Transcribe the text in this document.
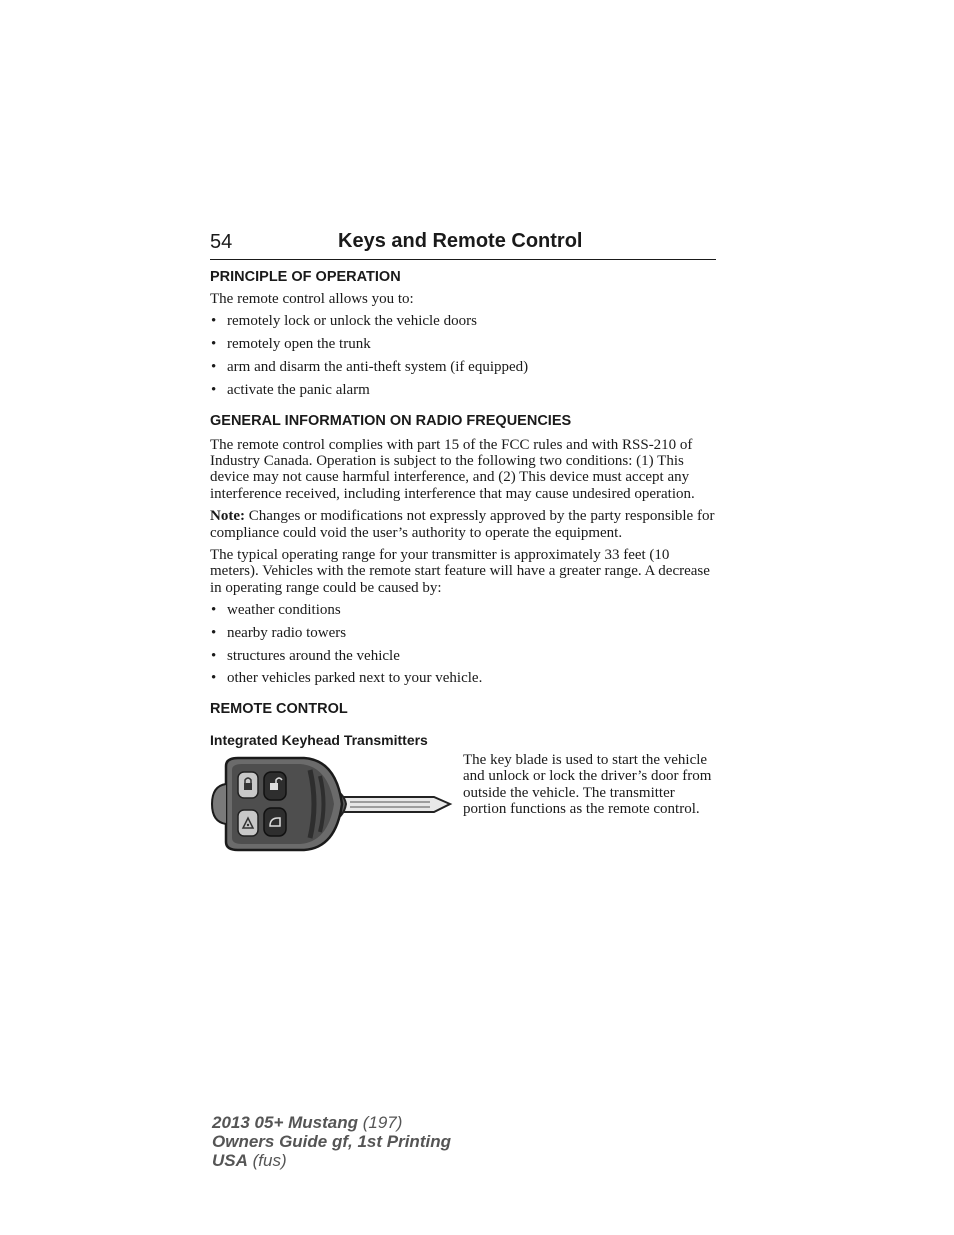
54	Keys and Remote Control
PRINCIPLE OF OPERATION

The remote control allows you to:

• remotely lock or unlock the vehicle doors
• remotely open the trunk
• arm and disarm the anti-theft system (if equipped)
• activate the panic alarm
GENERAL INFORMATION ON RADIO FREQUENCIES

The remote control complies with part 15 of the FCC rules and with RSS-210 of Industry Canada. Operation is subject to the following two conditions: (1) This device may not cause harmful interference, and (2) This device must accept any interference received, including interference that may cause undesired operation.

Note: Changes or modifications not expressly approved by the party responsible for compliance could void the user’s authority to operate the equipment.

The typical operating range for your transmitter is approximately 33 feet (10 meters). Vehicles with the remote start feature will have a greater range. A decrease in operating range could be caused by:

• weather conditions
• nearby radio towers
• structures around the vehicle
• other vehicles parked next to your vehicle.
REMOTE CONTROL
Integrated Keyhead Transmitters

The key blade is used to start the vehicle and unlock or lock the driver’s door from outside the vehicle. The transmitter portion functions as the remote control.

2013 05+ Mustang (197)
Owners Guide gf, 1st Printing
USA (fus)
